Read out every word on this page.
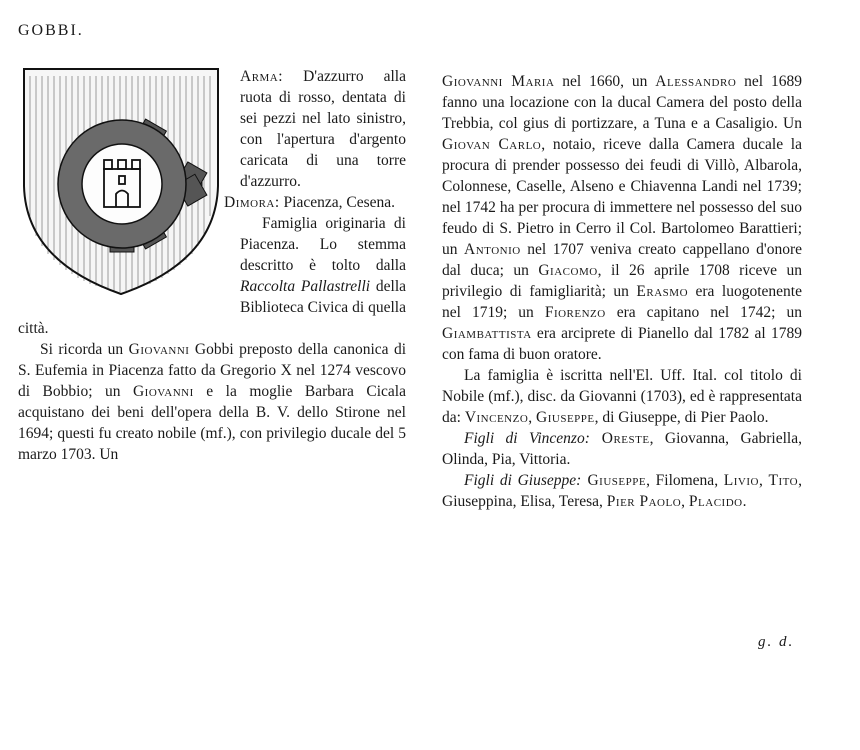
GOBBI.

Arma: D'azzurro alla ruota di rosso, dentata di sei pezzi nel lato sinistro, con l'apertura d'argento caricata di una torre d'azzurro.

Dimora: Piacenza, Cesena.

Famiglia originaria di Piacenza. Lo stemma descritto è tolto dalla Raccolta Pallastrelli della Biblioteca Civica di quella città.

Si ricorda un Giovanni Gobbi preposto della canonica di S. Eufemia in Piacenza fatto da Gregorio X nel 1274 vescovo di Bobbio; un Giovanni e la moglie Barbara Cicala acquistano dei beni dell'opera della B. V. dello Stirone nel 1694; questi fu creato nobile (mf.), con privilegio ducale del 5 marzo 1703. Un

Giovanni Maria nel 1660, un Alessandro nel 1689 fanno una locazione con la ducal Camera del posto della Trebbia, col gius di portizzare, a Tuna e a Casaligio. Un Giovan Carlo, notaio, riceve dalla Camera ducale la procura di prender possesso dei feudi di Villò, Albarola, Colonnese, Caselle, Alseno e Chiavenna Landi nel 1739; nel 1742 ha per procura di immettere nel possesso del suo feudo di S. Pietro in Cerro il Col. Bartolomeo Barattieri; un Antonio nel 1707 veniva creato cappellano d'onore dal duca; un Giacomo, il 26 aprile 1708 riceve un privilegio di famigliarità; un Erasmo era luogotenente nel 1719; un Fiorenzo era capitano nel 1742; un Giambattista era arciprete di Pianello dal 1782 al 1789 con fama di buon oratore.

La famiglia è iscritta nell'El. Uff. Ital. col titolo di Nobile (mf.), disc. da Giovanni (1703), ed è rappresentata da: Vincenzo, Giuseppe, di Giuseppe, di Pier Paolo.

Figli di Vincenzo: Oreste, Giovanna, Gabriella, Olinda, Pia, Vittoria.

Figli di Giuseppe: Giuseppe, Filomena, Livio, Tito, Giuseppina, Elisa, Teresa, Pier Paolo, Placido.

g. d.
